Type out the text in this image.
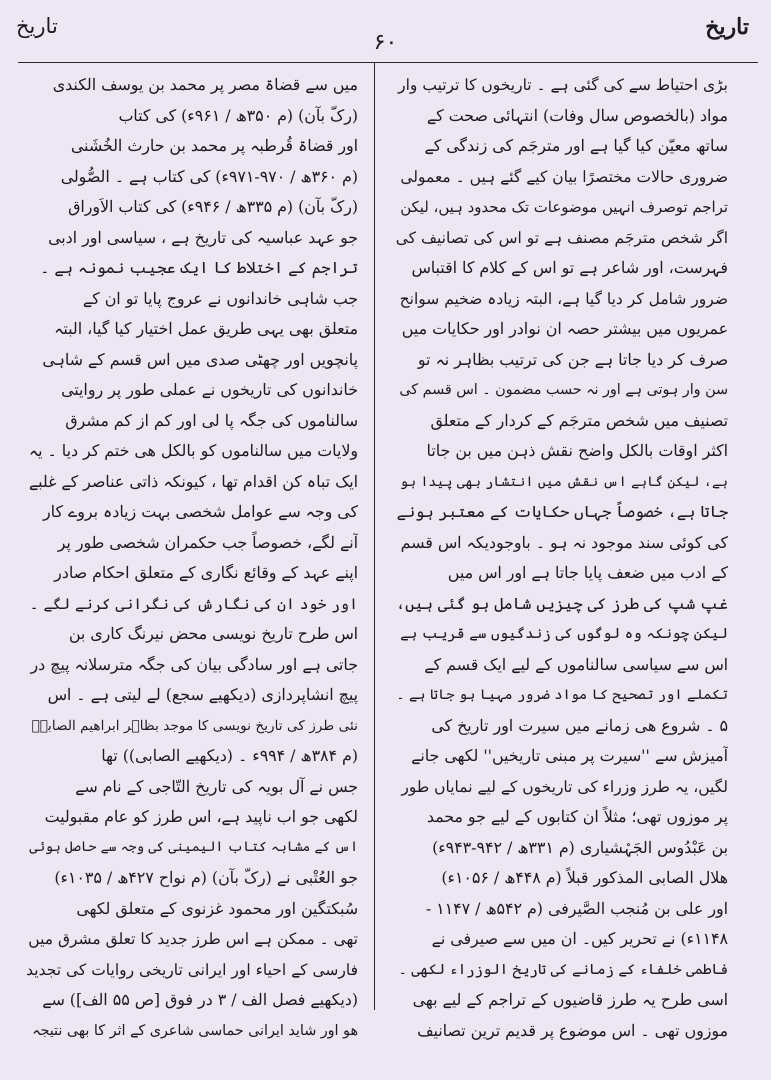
تاریخ
۶۰
تاریخ
بڑی احتیاط سے کی گئی ہے ۔ تاریخوں کا ترتیب وار
مواد (بالخصوص سال وفات) انتہائی صحت کے
ساتھ معیّن کیا گیا ہے اور مترجَم کی زندگی کے
ضروری حالات مختصرًا بیان کیے گئے ہیں ۔ معمولی
تراجم توصرف انہیں موضوعات تک محدود ہیں، لیکن
اگر شخص مترجَم مصنف ہے تو اس کی تصانیف کی
فہرست، اور شاعر ہے تو اس کے کلام کا اقتباس
ضرور شامل کر دیا گیا ہے، البتہ زیادہ ضخیم سوانح
عمریوں میں بیشتر حصہ ان نوادر اور حکایات میں
صرف کر دیا جاتا ہے جن کی ترتیب بظاہر نہ تو
سن وار ہوتی ہے اور نہ حسب مضمون ۔ اس قسم کی
تصنیف میں شخص مترجَم کے کردار کے متعلق
اکثر اوقات بالکل واضح نقش ذہن میں بن جاتا
ہے، لیکن گاہے اس نقش میں انتشار بھی پیدا ہو
جاتا ہے، خصوصاً جہاں حکایات کے معتبر ہونے
کی کوئی سند موجود نہ ہو ۔ باوجودیکہ اس قسم
کے ادب میں ضعف پایا جاتا ہے اور اس میں
غپ شپ کی طرز کی چیزیں شامل ہو گئی ہیں،
لیکن چونکہ وہ لوگوں کی زندگیوں سے قریب ہے
اس سے سیاسی سالناموں کے لیے ایک قسم کے
تکملے اور تصحیح کا مواد ضرور مہیا ہو جاتا ہے ۔
۵ ۔ شروع ھی زمانے میں سیرت اور تاریخ کی
آمیزش سے ''سیرت پر مبنی تاریخیں'' لکھی جانے
لگیں، یہ طرز وزراء کی تاریخوں کے لیے نمایاں طور
پر موزوں تھی؛ مثلاً ان کتابوں کے لیے جو محمد
بن عَبْدُوس الجَہْشیاری (م ۳۳۱ھ / ۹۴۲-۹۴۳ء)
ھلال الصابی المذکور قبلاً (م ۴۴۸ھ / ۱۰۵۶ء)
اور علی بن مُنجب الصَّیرفی (م ۵۴۲ھ / ۱۱۴۷ -
۱۱۴۸ء) نے تحریر کیں۔ ان میں سے صیرفی نے
فاطمی خلفاء کے زمانے کی تاریخ الوزراء لکھی ۔
اسی طرح یہ طرز قاضیوں کے تراجم کے لیے بھی
موزوں تھی ۔ اس موضوع پر قدیم ترین تصانیف
میں سے قضاۃ مصر پر محمد بن یوسف الکندی
(رکّ بآن) (م ۳۵۰ھ / ۹۶۱ء) کی کتاب
اور قضاۃ قُرطبہ پر محمد بن حارث الخُشَنی
(م ۳۶۰ھ / ۹۷۰-۹۷۱ء) کی کتاب ہے ۔ الصُّولی
(رکّ بآن) (م ۳۳۵ھ / ۹۴۶ء) کی کتاب الاَوراق
جو عہد عباسیہ کی تاریخ ہے ، سیاسی اور ادبی
تراجم کے اختلاط کا ایک عجیب نمونہ ہے ۔
جب شاہی خاندانوں نے عروج پایا تو ان کے
متعلق بھی یہی طریق عمل اختیار کیا گیا، البتہ
پانچویں اور چھٹی صدی میں اس قسم کے شاہی
خاندانوں کی تاریخوں نے عملی طور پر روایتی
سالناموں کی جگہ پا لی اور کم از کم مشرق
ولایات میں سالناموں کو بالکل ھی ختم کر دیا ۔ یہ
ایک تباہ کن اقدام تھا ، کیونکہ ذاتی عناصر کے غلبے
کی وجہ سے عوامل شخصی بہت زیادہ بروے کار
آنے لگے، خصوصاً جب حکمران شخصی طور پر
اپنے عہد کے وقائع نگاری کے متعلق احکام صادر
اور خود ان کی نگارش کی نگرانی کرنے لگے ۔
اس طرح تاریخ نویسی محض نیرنگ کاری بن
جاتی ہے اور سادگی بیان کی جگہ مترسلانہ پیچ در
پیچ انشاپردازی (دیکھیے سجع) لے لیتی ہے ۔ اس
نئی طرز کی تاریخ نویسی کا موجد بظاہر ابراھیم الصابیؔ
(م ۳۸۴ھ / ۹۹۴ء ۔ (دیکھیے الصابی)) تھا
جس نے آل بویہ کی تاریخ التّاجی کے نام سے
لکھی جو اب ناپید ہے، اس طرز کو عام مقبولیت
اس کے مشابہ کتاب الیمینی کی وجہ سے حاصل ہوئی
جو العُتْبی نے (رکّ بآن) (م نواح ۴۲۷ھ / ۱۰۳۵ء)
سُبکتگین اور محمود غزنوی کے متعلق لکھی
تھی ۔ ممکن ہے اس طرز جدید کا تعلق مشرق میں
فارسی کے احیاء اور ایرانی تاریخی روایات کی تجدید
(دیکھیے فصل الف / ۳ در فوق [ص ۵۵ الف]) سے
ھو اور شاید ایرانی حماسی شاعری کے اثر کا بھی نتیجہ
